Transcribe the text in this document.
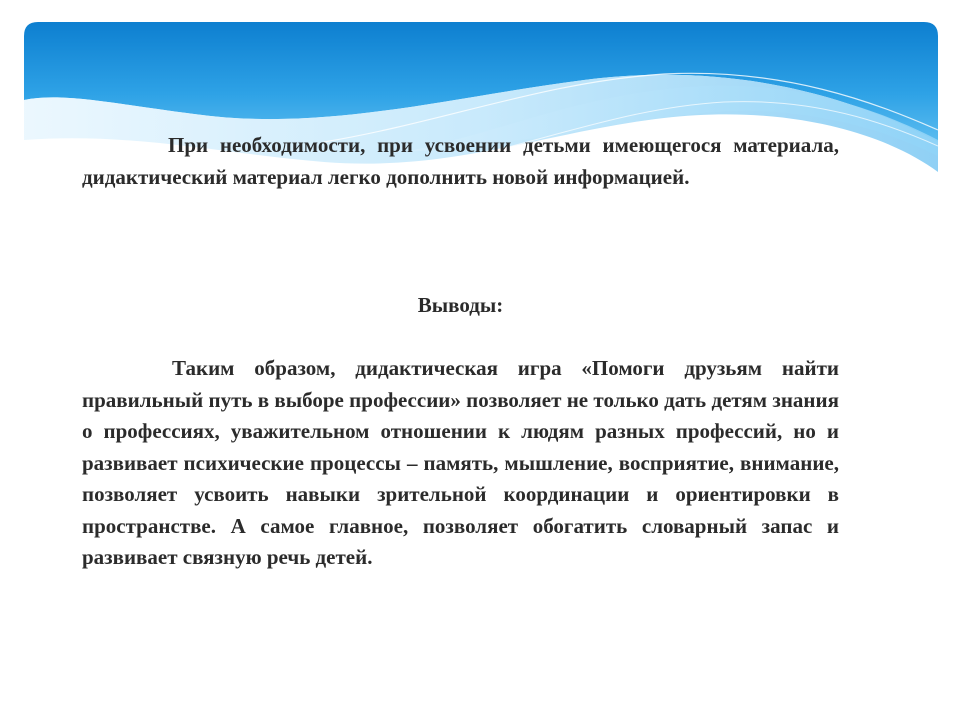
При необходимости, при усвоении детьми имеющегося материала, дидактический материал легко дополнить новой информацией.

Выводы:

Таким образом, дидактическая игра «Помоги друзьям найти правильный путь в выборе профессии» позволяет не только дать детям знания о профессиях, уважительном отношении к людям разных профессий, но и развивает психические процессы – память, мышление, восприятие, внимание, позволяет усвоить навыки зрительной координации и ориентировки в пространстве. А самое главное, позволяет обогатить словарный запас и развивает связную речь детей.
